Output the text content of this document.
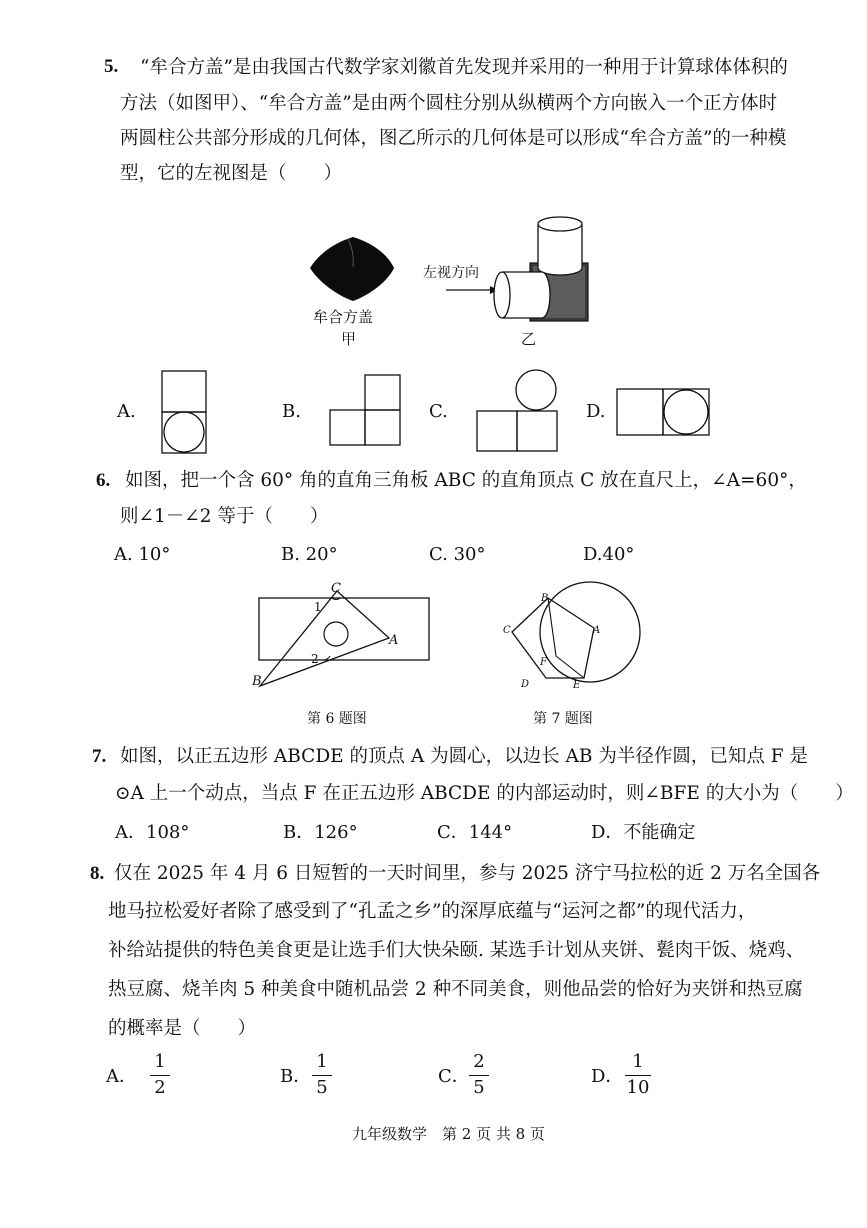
5. “牟合方盖”是由我国古代数学家刘徽首先发现并采用的一种用于计算球体体积的
方法（如图甲）、“牟合方盖”是由两个圆柱分别从纵横两个方向嵌入一个正方体时
两圆柱公共部分形成的几何体，图乙所示的几何体是可以形成“牟合方盖”的一种模
型，它的左视图是（　　）
牟合方盖
甲
左视方向
乙
A.	B.	C.	D.
6. 如图，把一个含 60° 角的直角三角板 ABC 的直角顶点 C 放在直尺上，∠A=60°，
则∠1－∠2 等于（　　）
A. 10°	B. 20°	C. 30°	D.40°
C
1
A
2
B
第 6 题图
B
C	A
F
D	E
第 7 题图
7. 如图，以正五边形 ABCDE 的顶点 A 为圆心，以边长 AB 为半径作圆，已知点 F 是
⊙A 上一个动点，当点 F 在正五边形 ABCDE 的内部运动时，则∠BFE 的大小为（　　）
A．108°	B．126°	C．144°	D．不能确定
8. 仅在 2025 年 4 月 6 日短暂的一天时间里，参与 2025 济宁马拉松的近 2 万名全国各
地马拉松爱好者除了感受到了“孔孟之乡”的深厚底蕴与“运河之都”的现代活力，
补给站提供的特色美食更是让选手们大快朵颐. 某选手计划从夹饼、甏肉干饭、烧鸡、
热豆腐、烧羊肉 5 种美食中随机品尝 2 种不同美食，则他品尝的恰好为夹饼和热豆腐
的概率是（　　）
A．
1
2
B．
1
5
C．
2
5
D．
1
10
九年级数学　第 2 页 共 8 页
